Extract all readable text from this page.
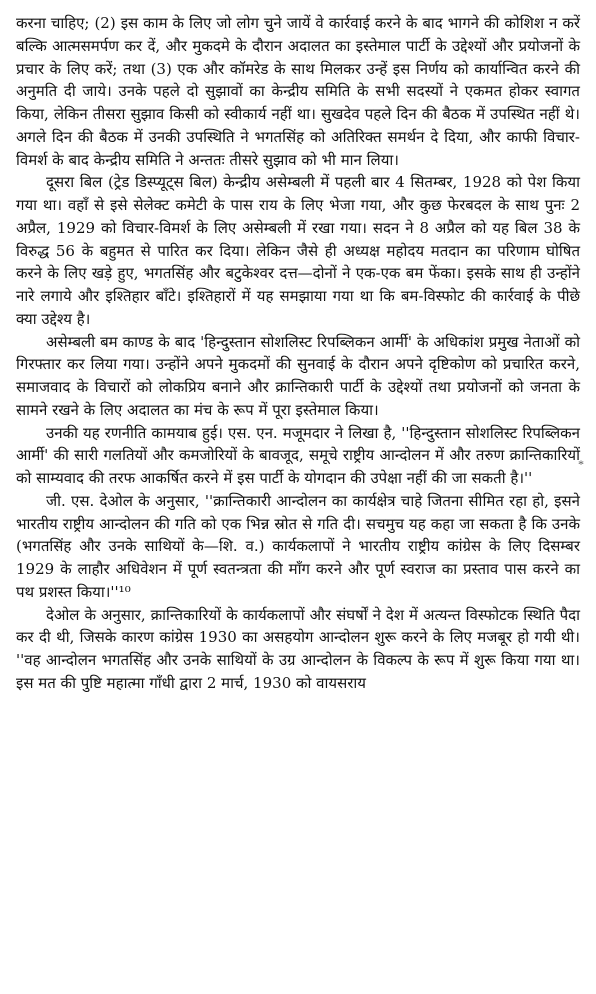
करना चाहिए; (2) इस काम के लिए जो लोग चुने जायें वे कार्रवाई करने के बाद भागने की कोशिश न करें बल्कि आत्मसमर्पण कर दें, और मुकदमे के दौरान अदालत का इस्तेमाल पार्टी के उद्देश्यों और प्रयोजनों के प्रचार के लिए करें; तथा (3) एक और कॉमरेड के साथ मिलकर उन्हें इस निर्णय को कार्यान्वित करने की अनुमति दी जाये। उनके पहले दो सुझावों का केन्द्रीय समिति के सभी सदस्यों ने एकमत होकर स्वागत किया, लेकिन तीसरा सुझाव किसी को स्वीकार्य नहीं था। सुखदेव पहले दिन की बैठक में उपस्थित नहीं थे। अगले दिन की बैठक में उनकी उपस्थिति ने भगतसिंह को अतिरिक्त समर्थन दे दिया, और काफी विचार-विमर्श के बाद केन्द्रीय समिति ने अन्ततः तीसरे सुझाव को भी मान लिया।

दूसरा बिल (ट्रेड डिस्प्यूट्स बिल) केन्द्रीय असेम्बली में पहली बार 4 सितम्बर, 1928 को पेश किया गया था। वहाँ से इसे सेलेक्ट कमेटी के पास राय के लिए भेजा गया, और कुछ फेरबदल के साथ पुनः 2 अप्रैल, 1929 को विचार-विमर्श के लिए असेम्बली में रखा गया। सदन ने 8 अप्रैल को यह बिल 38 के विरुद्ध 56 के बहुमत से पारित कर दिया। लेकिन जैसे ही अध्यक्ष महोदय मतदान का परिणाम घोषित करने के लिए खड़े हुए, भगतसिंह और बटुकेश्वर दत्त—दोनों ने एक-एक बम फेंका। इसके साथ ही उन्होंने नारे लगाये और इश्तिहार बाँटे। इश्तिहारों में यह समझाया गया था कि बम-विस्फोट की कार्रवाई के पीछे क्या उद्देश्य है।

असेम्बली बम काण्ड के बाद 'हिन्दुस्तान सोशलिस्ट रिपब्लिकन आर्मी' के अधिकांश प्रमुख नेताओं को गिरफ्तार कर लिया गया। उन्होंने अपने मुकदमों की सुनवाई के दौरान अपने दृष्टिकोण को प्रचारित करने, समाजवाद के विचारों को लोकप्रिय बनाने और क्रान्तिकारी पार्टी के उद्देश्यों तथा प्रयोजनों को जनता के सामने रखने के लिए अदालत का मंच के रूप में पूरा इस्तेमाल किया।

उनकी यह रणनीति कामयाब हुई। एस. एन. मजूमदार ने लिखा है, ''हिन्दुस्तान सोशलिस्ट रिपब्लिकन आर्मी' की सारी गलतियों और कमजोरियों के बावजूद, समूचे राष्ट्रीय आन्दोलन में और तरुण क्रान्तिकारियों को साम्यवाद की तरफ आकर्षित करने में इस पार्टी के योगदान की उपेक्षा नहीं की जा सकती है।''

जी. एस. देओल के अनुसार, ''क्रान्तिकारी आन्दोलन का कार्यक्षेत्र चाहे जितना सीमित रहा हो, इसने भारतीय राष्ट्रीय आन्दोलन की गति को एक भिन्न स्रोत से गति दी। सचमुच यह कहा जा सकता है कि उनके (भगतसिंह और उनके साथियों के—शि. व.) कार्यकलापों ने भारतीय राष्ट्रीय कांग्रेस के लिए दिसम्बर 1929 के लाहौर अधिवेशन में पूर्ण स्वतन्त्रता की माँग करने और पूर्ण स्वराज का प्रस्ताव पास करने का पथ प्रशस्त किया।''¹⁰

देओल के अनुसार, क्रान्तिकारियों के कार्यकलापों और संघर्षों ने देश में अत्यन्त विस्फोटक स्थिति पैदा कर दी थी, जिसके कारण कांग्रेस 1930 का असहयोग आन्दोलन शुरू करने के लिए मजबूर हो गयी थी। ''वह आन्दोलन भगतसिंह और उनके साथियों के उग्र आन्दोलन के विकल्प के रूप में शुरू किया गया था। इस मत की पुष्टि महात्मा गाँधी द्वारा 2 मार्च, 1930 को वायसराय

*
